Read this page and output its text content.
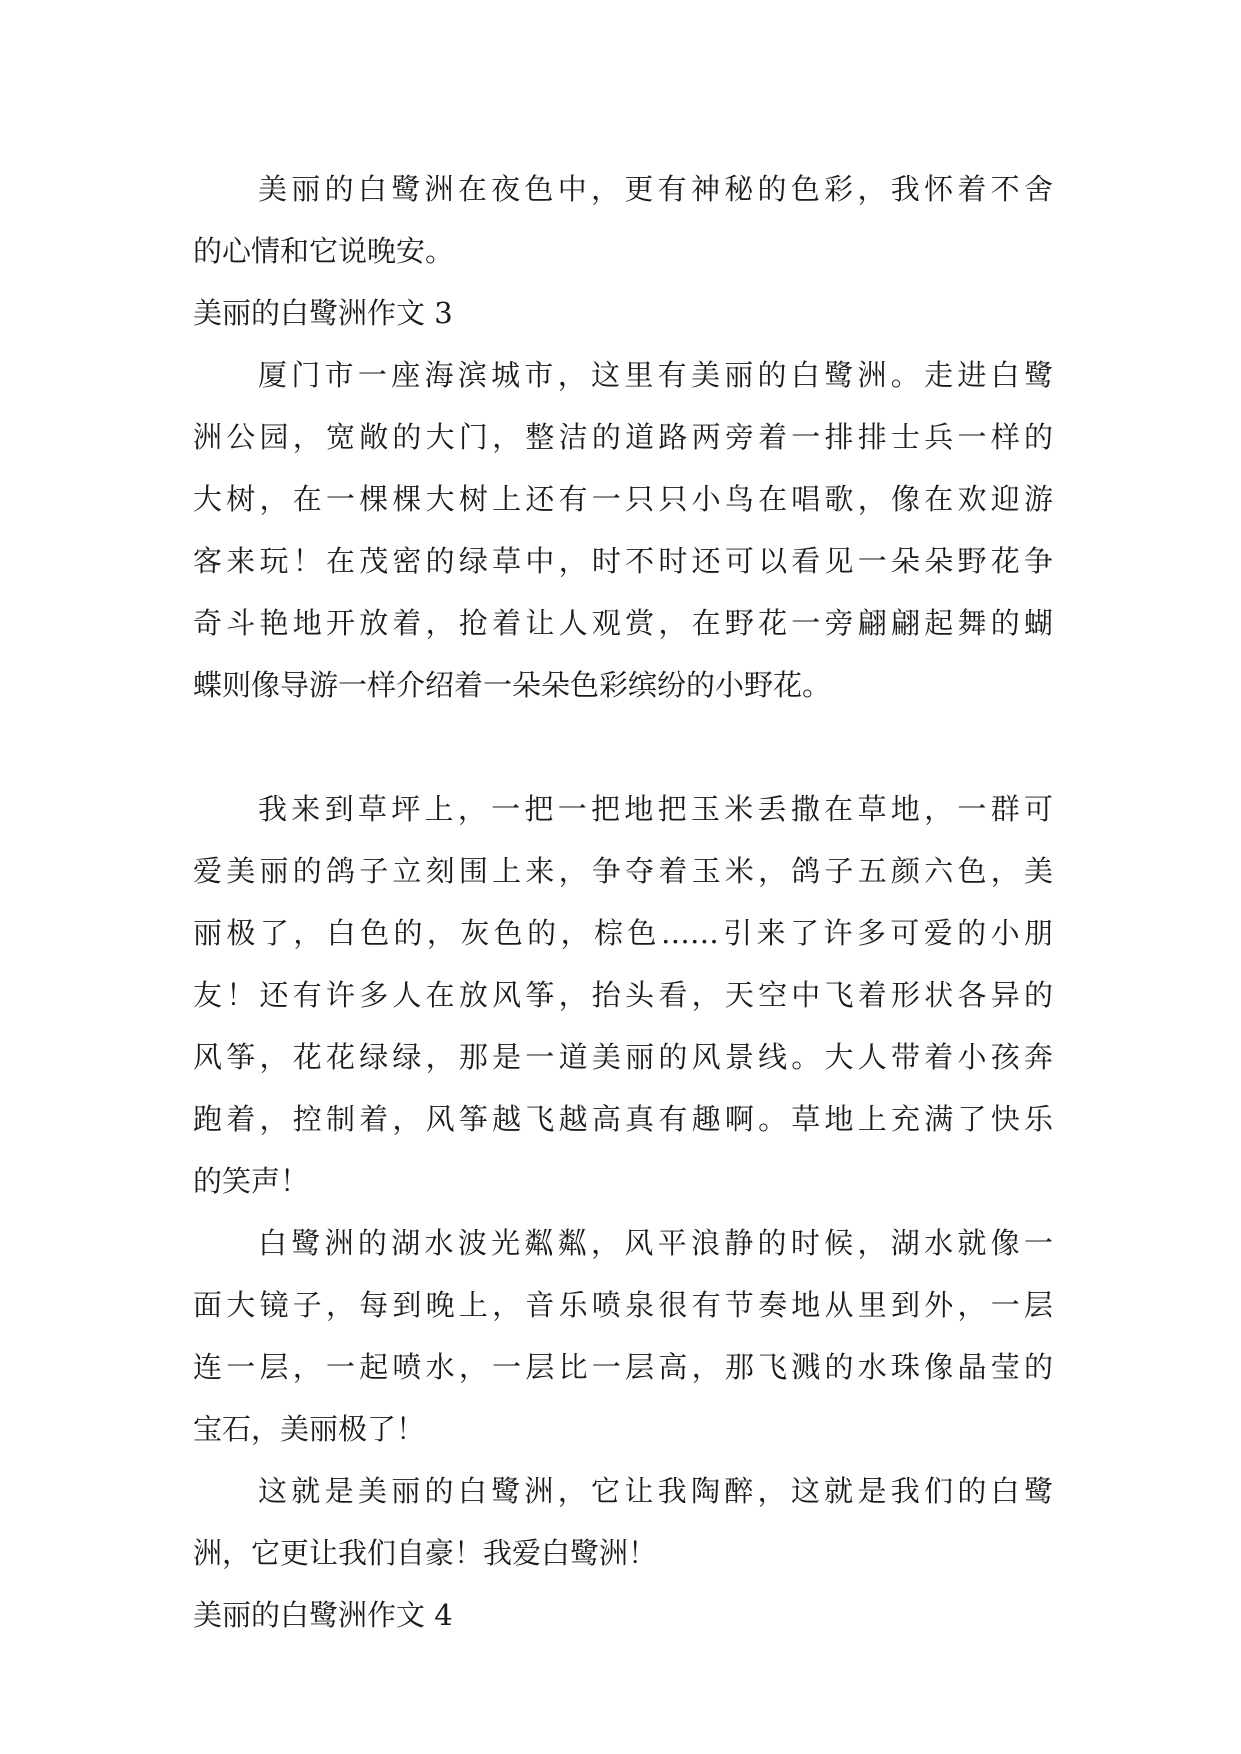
美丽的白鹭洲在夜色中，更有神秘的色彩，我怀着不舍
的心情和它说晚安。
美丽的白鹭洲作文 3
厦门市一座海滨城市，这里有美丽的白鹭洲。走进白鹭
洲公园，宽敞的大门，整洁的道路两旁着一排排士兵一样的
大树，在一棵棵大树上还有一只只小鸟在唱歌，像在欢迎游
客来玩！在茂密的绿草中，时不时还可以看见一朵朵野花争
奇斗艳地开放着，抢着让人观赏，在野花一旁翩翩起舞的蝴
蝶则像导游一样介绍着一朵朵色彩缤纷的小野花。
我来到草坪上，一把一把地把玉米丢撒在草地，一群可
爱美丽的鸽子立刻围上来，争夺着玉米，鸽子五颜六色，美
丽极了，白色的，灰色的，棕色……引来了许多可爱的小朋
友！还有许多人在放风筝，抬头看，天空中飞着形状各异的
风筝，花花绿绿，那是一道美丽的风景线。大人带着小孩奔
跑着，控制着，风筝越飞越高真有趣啊。草地上充满了快乐
的笑声！
白鹭洲的湖水波光粼粼，风平浪静的时候，湖水就像一
面大镜子，每到晚上，音乐喷泉很有节奏地从里到外，一层
连一层，一起喷水，一层比一层高，那飞溅的水珠像晶莹的
宝石，美丽极了！
这就是美丽的白鹭洲，它让我陶醉，这就是我们的白鹭
洲，它更让我们自豪！我爱白鹭洲！
美丽的白鹭洲作文 4
